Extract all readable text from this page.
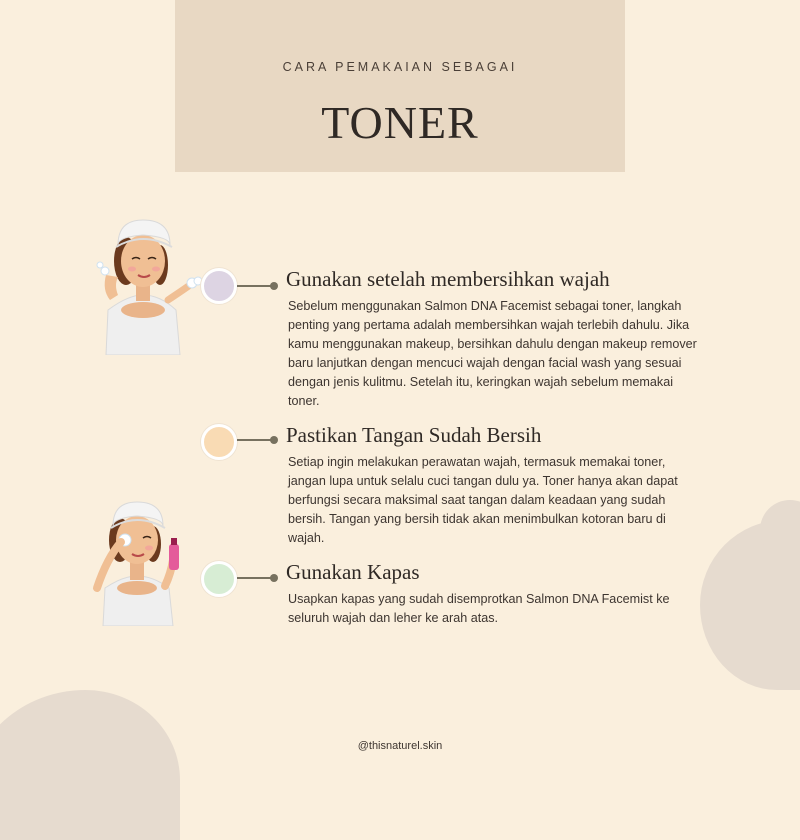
CARA PEMAKAIAN SEBAGAI
TONER
Gunakan setelah membersihkan wajah
Sebelum menggunakan Salmon DNA Facemist sebagai toner, langkah penting yang pertama adalah membersihkan wajah terlebih dahulu. Jika kamu menggunakan makeup, bersihkan dahulu dengan makeup remover baru lanjutkan dengan mencuci wajah dengan facial wash yang sesuai dengan jenis kulitmu. Setelah itu, keringkan wajah sebelum memakai toner.
Pastikan Tangan Sudah Bersih
Setiap ingin melakukan perawatan wajah, termasuk memakai toner, jangan lupa untuk selalu cuci tangan dulu ya. Toner hanya akan dapat berfungsi secara maksimal saat tangan dalam keadaan yang sudah bersih. Tangan yang bersih tidak akan menimbulkan kotoran baru di wajah.
Gunakan Kapas
Usapkan kapas yang sudah disemprotkan Salmon DNA Facemist ke seluruh wajah dan leher ke arah atas.
@thisnaturel.skin
